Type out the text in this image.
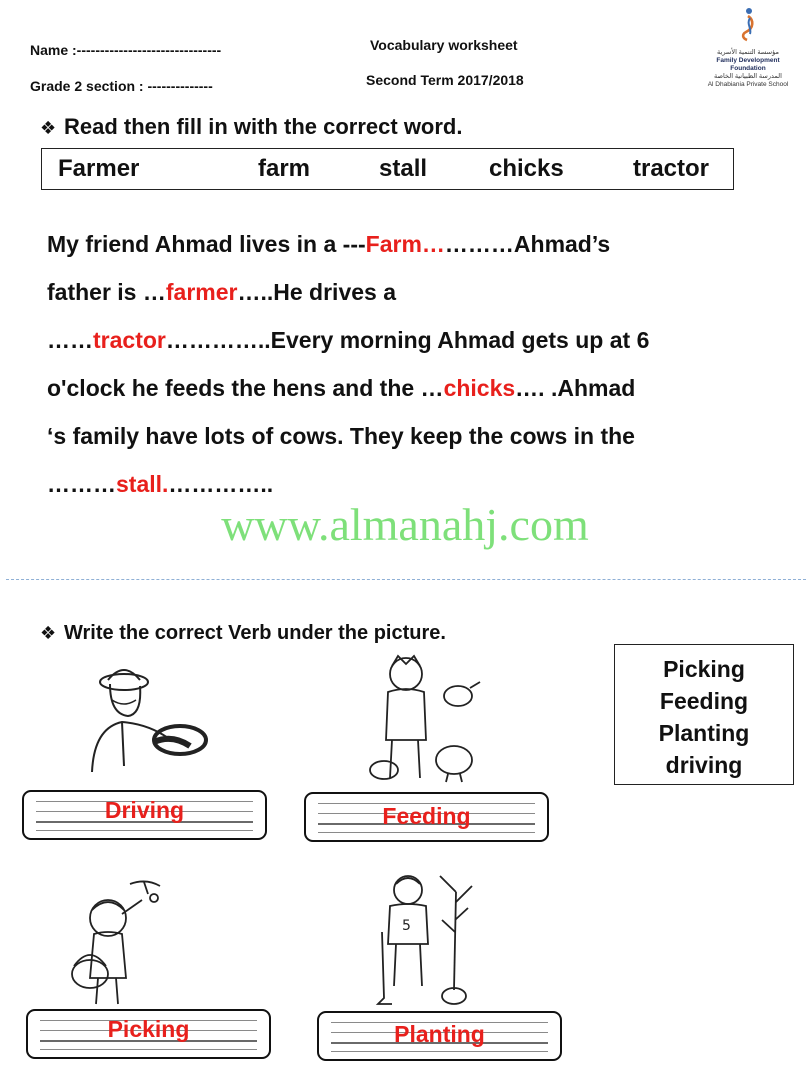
Name :-------------------------------
Grade 2 section : --------------
Vocabulary worksheet
Second Term 2017/2018
مؤسسة التنمية الأسرية
Family Development Foundation
المدرسة الظبيانية الخاصة
Al Dhabiania Private School
❖ Read then fill in with the correct word.
Farmer	farm	stall	chicks	tractor
My friend Ahmad lives in a ---Farm…………Ahmad’s
father is …farmer…..He drives a
……tractor…………..Every morning Ahmad gets up at 6
o'clock he feeds the hens and the …chicks…. .Ahmad
‘s family have lots of cows. They keep the cows in the
………stall.…………..
www.almanahj.com
❖ Write the correct Verb under the picture.
Picking
Feeding
Planting
driving
Driving	Feeding
5
Picking	Planting
